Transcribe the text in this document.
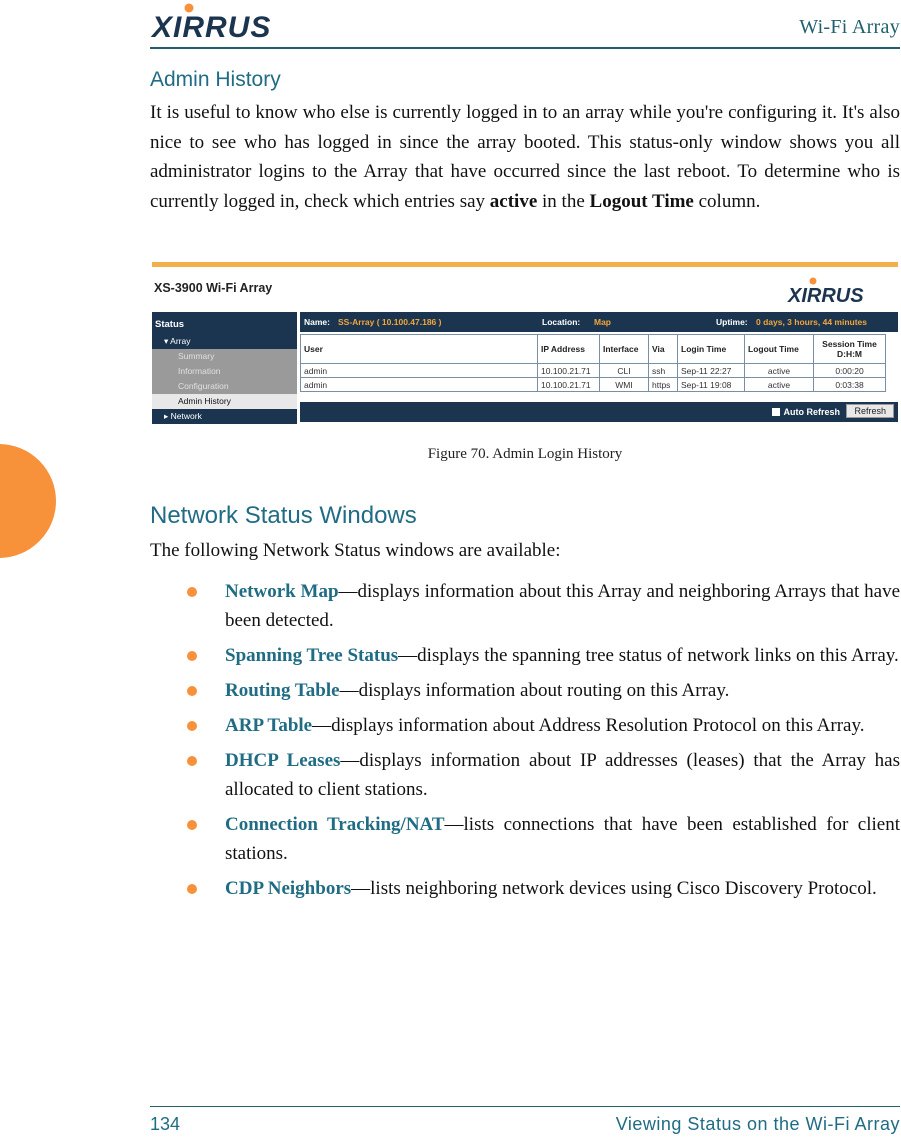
XIRRUS	Wi-Fi Array
Admin History
It is useful to know who else is currently logged in to an array while you're configuring it. It's also nice to see who has logged in since the array booted. This status-only window shows you all administrator logins to the Array that have occurred since the last reboot. To determine who is currently logged in, check which entries say active in the Logout Time column.
XS-3900 Wi-Fi Array	XIRRUS
Status
▾ Array
Summary
Information
Configuration
Admin History
▸ Network
Name: SS-Array ( 10.100.47.186 )	Location: Map	Uptime: 0 days, 3 hours, 44 minutes
User	IP Address	Interface	Via	Login Time	Logout Time	Session Time D:H:M
admin	10.100.21.71	CLI	ssh	Sep-11 22:27	active	0:00:20
admin	10.100.21.71	WMI	https	Sep-11 19:08	active	0:03:38
Auto Refresh	Refresh
Figure 70. Admin Login History
Network Status Windows
The following Network Status windows are available:
Network Map—displays information about this Array and neighboring Arrays that have been detected.
Spanning Tree Status—displays the spanning tree status of network links on this Array.
Routing Table—displays information about routing on this Array.
ARP Table—displays information about Address Resolution Protocol on this Array.
DHCP Leases—displays information about IP addresses (leases) that the Array has allocated to client stations.
Connection Tracking/NAT—lists connections that have been established for client stations.
CDP Neighbors—lists neighboring network devices using Cisco Discovery Protocol.
134	Viewing Status on the Wi-Fi Array
